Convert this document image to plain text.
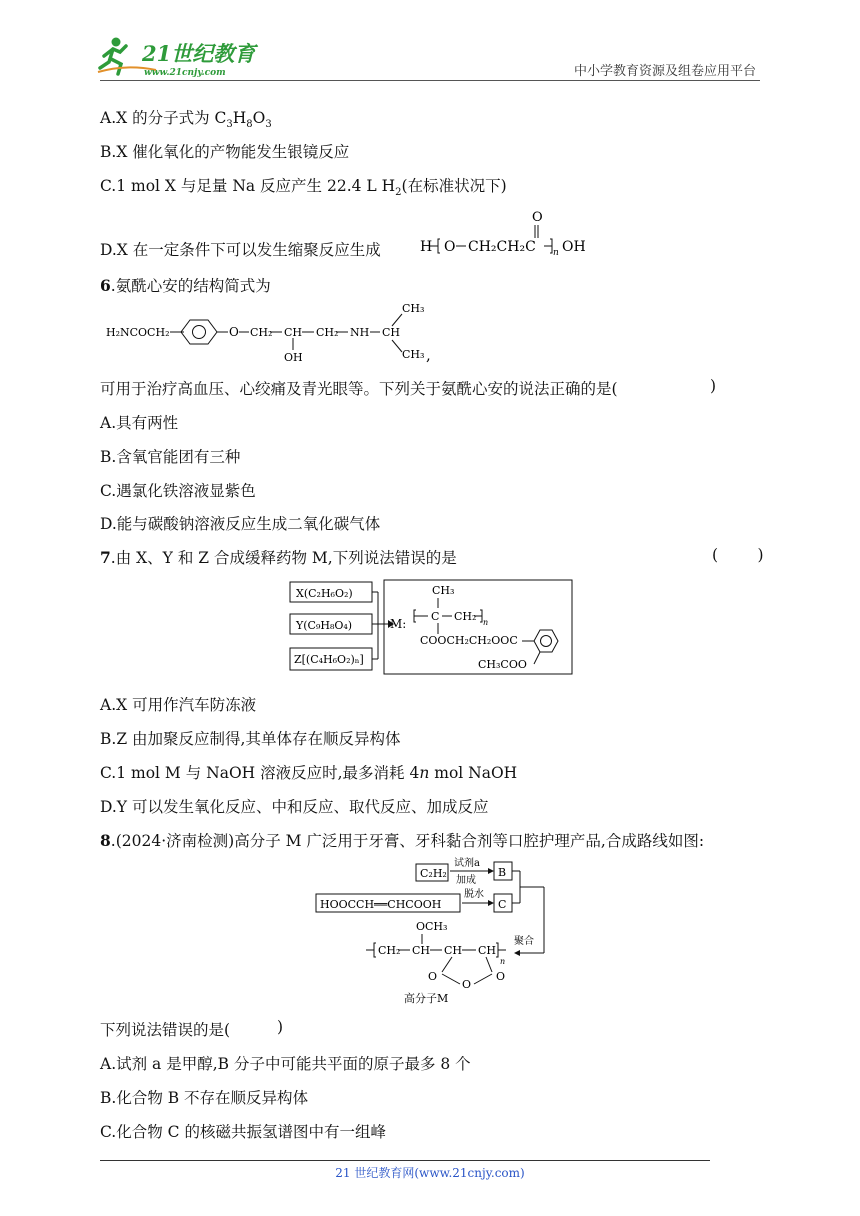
21世纪教育
www.21cnjy.com	中小学教育资源及组卷应用平台
A.X 的分子式为 $C_3H_8O_3$
B.X 催化氧化的产物能发生银镜反应
C.1 mol X 与足量 Na 反应产生 22.4 L $H_2$(在标准状况下)
D.X 在一定条件下可以发生缩聚反应生成	H O CH₂CH₂C
O
n OH
6.氨酰心安的结构简式为
H₂NCOCH₂	O CH₂ CH
OH
CH₂ NH CH
CH₃
CH₃ ,
可用于治疗高血压、心绞痛及青光眼等。下列关于氨酰心安的说法正确的是(	)
A.具有两性
B.含氧官能团有三种
C.遇氯化铁溶液显紫色
D.能与碳酸钠溶液反应生成二氧化碳气体
7.由 X、Y 和 Z 合成缓释药物 M,下列说法错误的是	(        )
X(C₂H₆O₂)
Y(C₉H₈O₄)
Z[(C₄H₆O₂)ₙ]
M:
CH₃
C CH₂ n
COOCH₂CH₂OOC
CH₃COO
A.X 可用作汽车防冻液
B.Z 由加聚反应制得,其单体存在顺反异构体
C.1 mol M 与 NaOH 溶液反应时,最多消耗 4n mol NaOH
D.Y 可以发生氧化反应、中和反应、取代反应、加成反应
8.(2024·济南检测)高分子 M 广泛用于牙膏、牙科黏合剂等口腔护理产品,合成路线如图:
C₂H₂
试剂a
加成
B
HOOCCH══CHCOOH
脱水
C
聚合
OCH₃
CH₂ CH CH CH
n
O
O	O
高分子M
下列说法错误的是(	)
A.试剂 a 是甲醇,B 分子中可能共平面的原子最多 8 个
B.化合物 B 不存在顺反异构体
C.化合物 C 的核磁共振氢谱图中有一组峰
21 世纪教育网(www.21cnjy.com)
